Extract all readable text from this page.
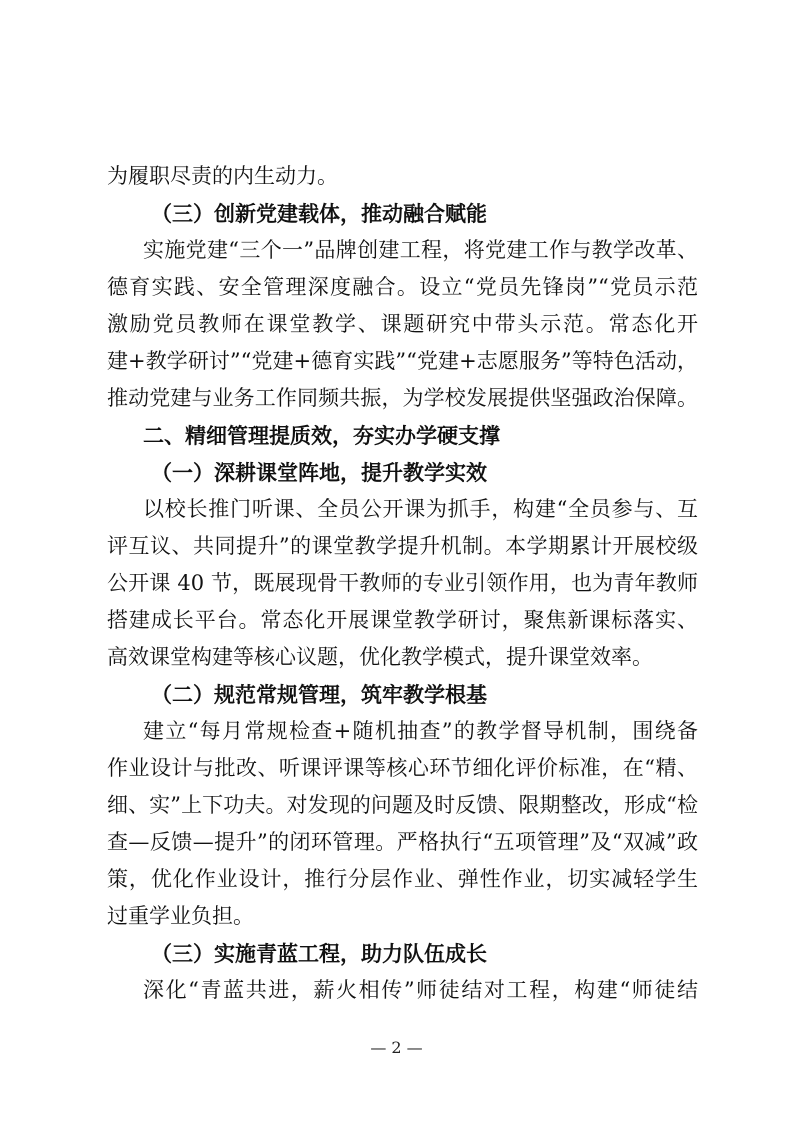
为履职尽责的内生动力。
（三）创新党建载体，推动融合赋能
实施党建“三个一”品牌创建工程，将党建工作与教学改革、
德育实践、安全管理深度融合。设立“党员先锋岗”“党员示范
激励党员教师在课堂教学、课题研究中带头示范。常态化开
建+教学研讨”“党建+德育实践”“党建+志愿服务”等特色活动，
推动党建与业务工作同频共振，为学校发展提供坚强政治保障。
二、精细管理提质效，夯实办学硬支撑
（一）深耕课堂阵地，提升教学实效
以校长推门听课、全员公开课为抓手，构建“全员参与、互
评互议、共同提升”的课堂教学提升机制。本学期累计开展校级
公开课 40 节，既展现骨干教师的专业引领作用，也为青年教师
搭建成长平台。常态化开展课堂教学研讨，聚焦新课标落实、
高效课堂构建等核心议题，优化教学模式，提升课堂效率。
（二）规范常规管理，筑牢教学根基
建立“每月常规检查+随机抽查”的教学督导机制，围绕备
作业设计与批改、听课评课等核心环节细化评价标准，在“精、
细、实”上下功夫。对发现的问题及时反馈、限期整改，形成“检
查—反馈—提升”的闭环管理。严格执行“五项管理”及“双减”政
策，优化作业设计，推行分层作业、弹性作业，切实减轻学生
过重学业负担。
（三）实施青蓝工程，助力队伍成长
深化“青蓝共进，薪火相传”师徒结对工程，构建“师徒结
— 2 —
